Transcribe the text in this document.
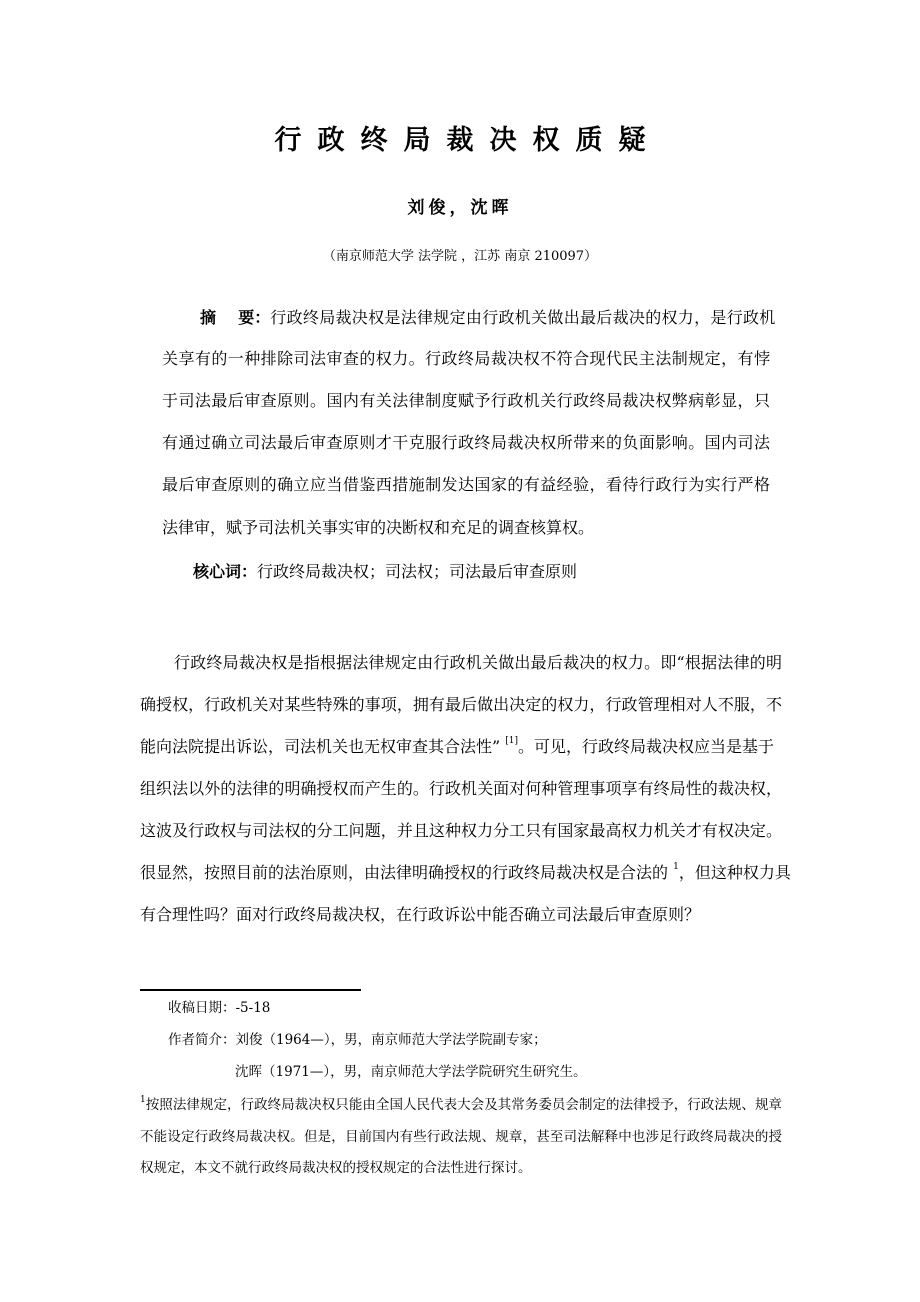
行政终局裁决权质疑
刘俊，沈晖
（南京师范大学 法学院 ，江苏 南京 210097）
摘    要：行政终局裁决权是法律规定由行政机关做出最后裁决的权力，是行政机
关享有的一种排除司法审查的权力。行政终局裁决权不符合现代民主法制规定，有悖
于司法最后审查原则。国内有关法律制度赋予行政机关行政终局裁决权弊病彰显，只
有通过确立司法最后审查原则才干克服行政终局裁决权所带来的负面影响。国内司法
最后审查原则的确立应当借鉴西措施制发达国家的有益经验，看待行政行为实行严格
法律审，赋予司法机关事实审的决断权和充足的调查核算权。
核心词：行政终局裁决权；司法权；司法最后审查原则
行政终局裁决权是指根据法律规定由行政机关做出最后裁决的权力。即“根据法律的明
确授权，行政机关对某些特殊的事项，拥有最后做出决定的权力，行政管理相对人不服，不
能向法院提出诉讼，司法机关也无权审查其合法性” [1]。可见，行政终局裁决权应当是基于
组织法以外的法律的明确授权而产生的。行政机关面对何种管理事项享有终局性的裁决权，
这波及行政权与司法权的分工问题，并且这种权力分工只有国家最高权力机关才有权决定。
很显然，按照目前的法治原则，由法律明确授权的行政终局裁决权是合法的 $^1$，但这种权力具
有合理性吗？面对行政终局裁决权，在行政诉讼中能否确立司法最后审查原则？
收稿日期：-5-18
作者简介：刘俊（1964—），男，南京师范大学法学院副专家；
沈晖（1971—），男，南京师范大学法学院研究生研究生。
$^1$按照法律规定，行政终局裁决权只能由全国人民代表大会及其常务委员会制定的法律授予，行政法规、规章
不能设定行政终局裁决权。但是，目前国内有些行政法规、规章，甚至司法解释中也涉足行政终局裁决的授
权规定，本文不就行政终局裁决权的授权规定的合法性进行探讨。
